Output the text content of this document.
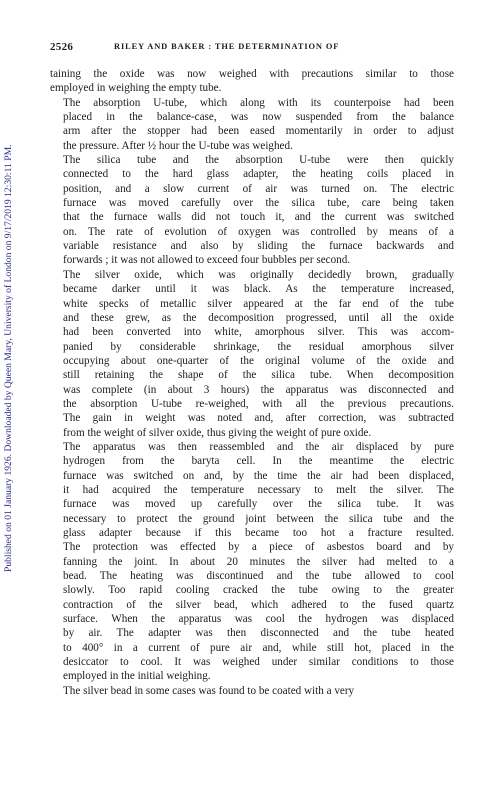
Published on 01 January 1926. Downloaded by Queen Mary, University of London on 9/17/2019 12:30:11 PM.
2526	RILEY AND BAKER : THE DETERMINATION OF

taining the oxide was now weighed with precautions similar to those
employed in weighing the empty tube.

The absorption U-tube, which along with its counterpoise had been
placed in the balance-case, was now suspended from the balance
arm after the stopper had been eased momentarily in order to adjust
the pressure. After ½ hour the U-tube was weighed.

The silica tube and the absorption U-tube were then quickly
connected to the hard glass adapter, the heating coils placed in
position, and a slow current of air was turned on. The electric
furnace was moved carefully over the silica tube, care being taken
that the furnace walls did not touch it, and the current was switched
on. The rate of evolution of oxygen was controlled by means of a
variable resistance and also by sliding the furnace backwards and
forwards ; it was not allowed to exceed four bubbles per second.

The silver oxide, which was originally decidedly brown, gradually
became darker until it was black. As the temperature increased,
white specks of metallic silver appeared at the far end of the tube
and these grew, as the decomposition progressed, until all the oxide
had been converted into white, amorphous silver. This was accom-
panied by considerable shrinkage, the residual amorphous silver
occupying about one-quarter of the original volume of the oxide and
still retaining the shape of the silica tube. When decomposition
was complete (in about 3 hours) the apparatus was disconnected and
the absorption U-tube re-weighed, with all the previous precautions.
The gain in weight was noted and, after correction, was subtracted
from the weight of silver oxide, thus giving the weight of pure oxide.

The apparatus was then reassembled and the air displaced by pure
hydrogen from the baryta cell. In the meantime the electric
furnace was switched on and, by the time the air had been displaced,
it had acquired the temperature necessary to melt the silver. The
furnace was moved up carefully over the silica tube. It was
necessary to protect the ground joint between the silica tube and the
glass adapter because if this became too hot a fracture resulted.
The protection was effected by a piece of asbestos board and by
fanning the joint. In about 20 minutes the silver had melted to a
bead. The heating was discontinued and the tube allowed to cool
slowly. Too rapid cooling cracked the tube owing to the greater
contraction of the silver bead, which adhered to the fused quartz
surface. When the apparatus was cool the hydrogen was displaced
by air. The adapter was then disconnected and the tube heated
to 400° in a current of pure air and, while still hot, placed in the
desiccator to cool. It was weighed under similar conditions to those
employed in the initial weighing.

The silver bead in some cases was found to be coated with a very
